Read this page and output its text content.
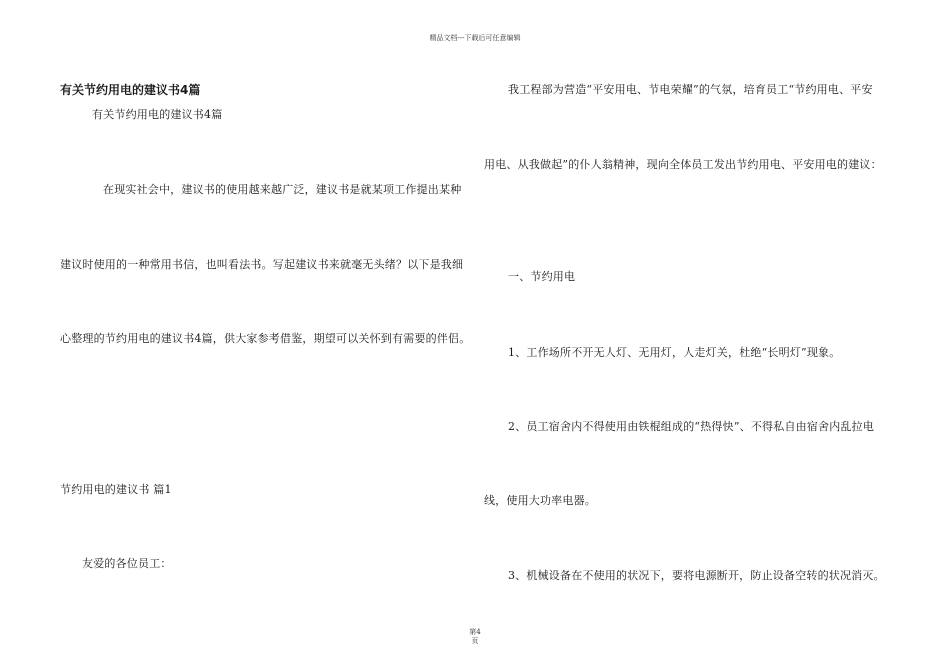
精品文档---下载后可任意编辑
有关节约用电的建议书4篇
有关节约用电的建议书4篇
在现实社会中，建议书的使用越来越广泛，建议书是就某项工作提出某种
建议时使用的一种常用书信，也叫看法书。写起建议书来就毫无头绪？以下是我细
心整理的节约用电的建议书4篇，供大家参考借鉴，期望可以关怀到有需要的伴侣。
节约用电的建议书 篇1
友爱的各位员工：
我工程部为营造“平安用电、节电荣耀”的气氛，培育员工“节约用电、平安
用电、从我做起”的仆人翁精神，现向全体员工发出节约用电、平安用电的建议：
一、节约用电
1、工作场所不开无人灯、无用灯，人走灯关，杜绝“长明灯”现象。
2、员工宿舍内不得使用由铁棍组成的“热得快”、不得私自由宿舍内乱拉电
线，使用大功率电器。
3、机械设备在不使用的状况下，要将电源断开，防止设备空转的状况消灭。
第4
页
